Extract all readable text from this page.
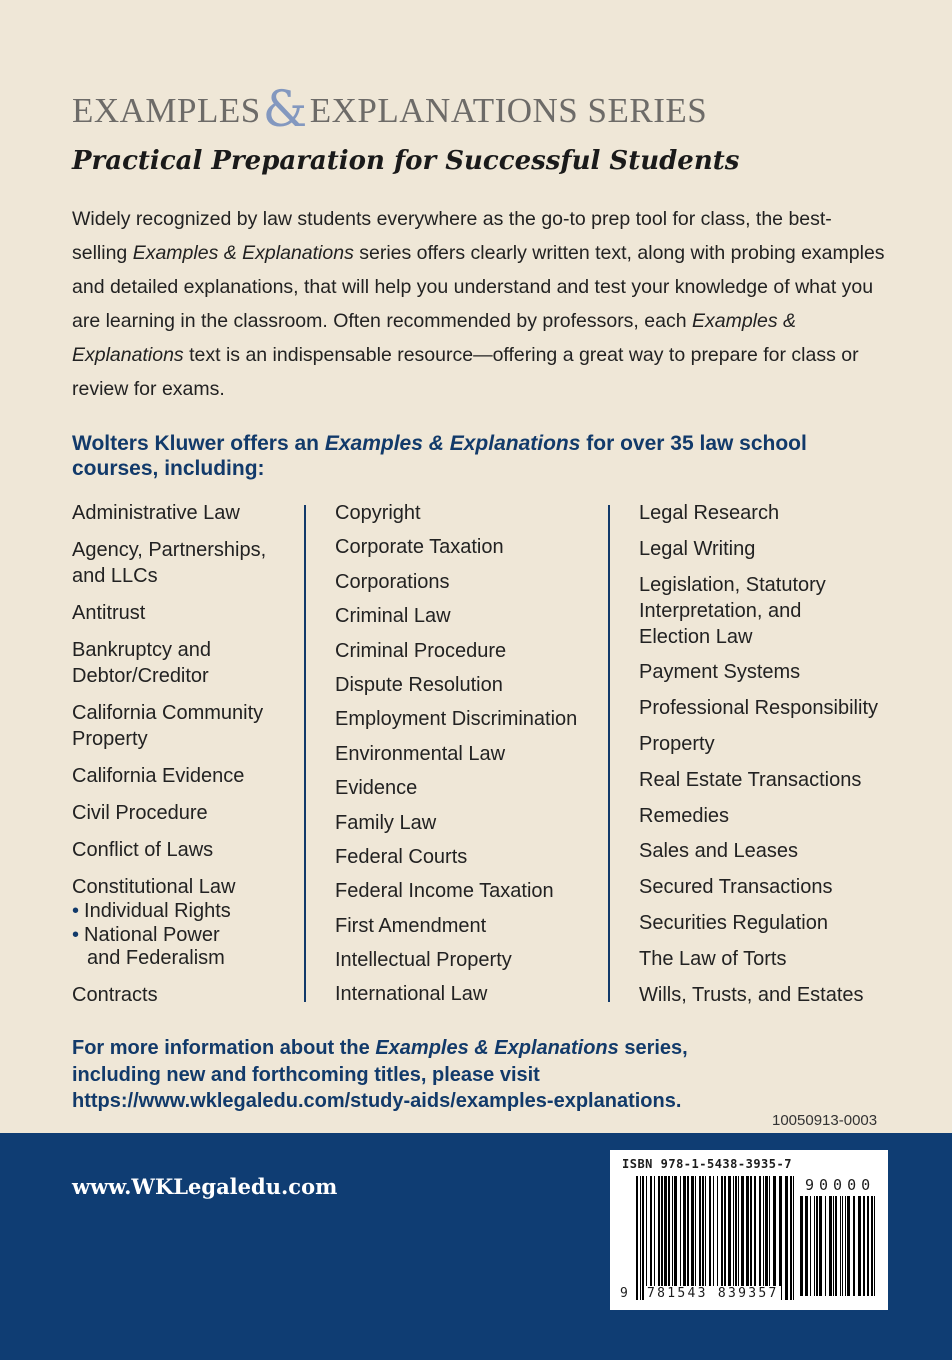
EXAMPLES&EXPLANATIONS SERIES
Practical Preparation for Successful Students
Widely recognized by law students everywhere as the go-to prep tool for class, the best-selling Examples & Explanations series offers clearly written text, along with probing examples and detailed explanations, that will help you understand and test your knowledge of what you are learning in the classroom. Often recommended by professors, each Examples & Explanations text is an indispensable resource—offering a great way to prepare for class or review for exams.
Wolters Kluwer offers an Examples & Explanations for over 35 law school courses, including:
Administrative Law
Agency, Partnerships, and LLCs
Antitrust
Bankruptcy and Debtor/Creditor
California Community Property
California Evidence
Civil Procedure
Conflict of Laws
Constitutional Law
• Individual Rights
• National Power
and Federalism
Contracts
Copyright
Corporate Taxation
Corporations
Criminal Law
Criminal Procedure
Dispute Resolution
Employment Discrimination
Environmental Law
Evidence
Family Law
Federal Courts
Federal Income Taxation
First Amendment
Intellectual Property
International Law
Legal Research
Legal Writing
Legislation, Statutory Interpretation, and Election Law
Payment Systems
Professional Responsibility
Property
Real Estate Transactions
Remedies
Sales and Leases
Secured Transactions
Securities Regulation
The Law of Torts
Wills, Trusts, and Estates
For more information about the Examples & Explanations series,
including new and forthcoming titles, please visit
https://www.wklegaledu.com/study-aids/examples-explanations.
10050913-0003
www.WKLegaledu.com
ISBN 978-1-5438-3935-7
90000
9 781543 839357
